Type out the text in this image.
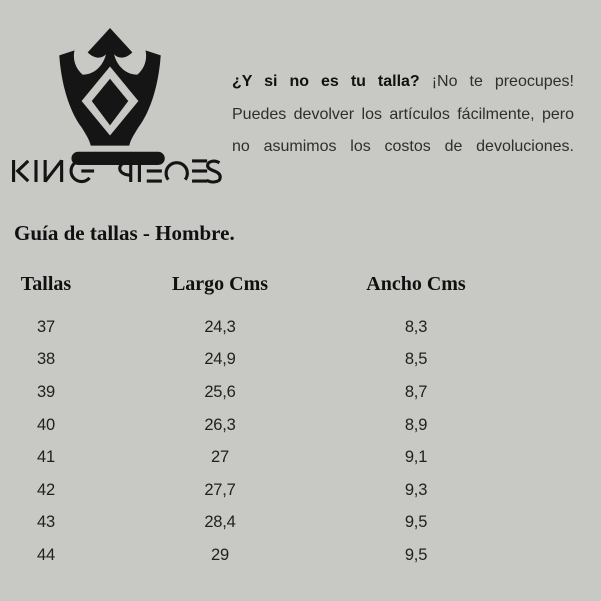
¿Y si no es tu talla? ¡No te preocupes!
Puedes devolver los artículos fácilmente, pero
no asumimos los costos de devoluciones.
Guía de tallas - Hombre.
Tallas	Largo Cms	Ancho Cms
37	24,3	8,3
38	24,9	8,5
39	25,6	8,7
40	26,3	8,9
41	27	9,1
42	27,7	9,3
43	28,4	9,5
44	29	9,5
